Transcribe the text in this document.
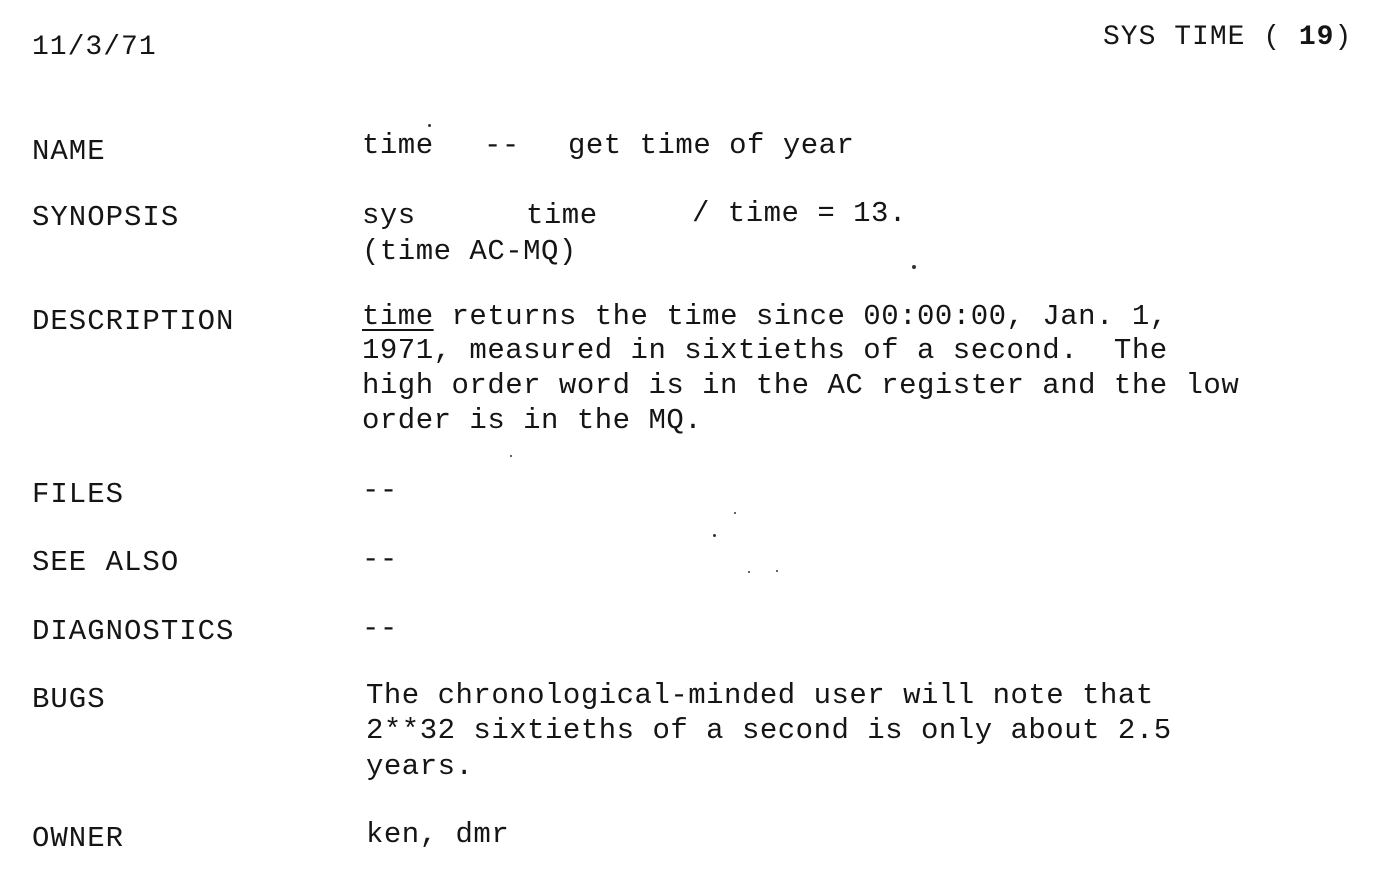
11/3/71	SYS TIME ( 19)
NAME	time -- get time of year
SYNOPSIS	sys	time	/ time = 13.
(time AC-MQ)
DESCRIPTION	time returns the time since 00:00:00, Jan. 1,
1971, measured in sixtieths of a second.  The
high order word is in the AC register and the low
order is in the MQ.
FILES	--
SEE ALSO	--
DIAGNOSTICS	--
BUGS	The chronological-minded user will note that
2**32 sixtieths of a second is only about 2.5
years.
OWNER	ken, dmr
